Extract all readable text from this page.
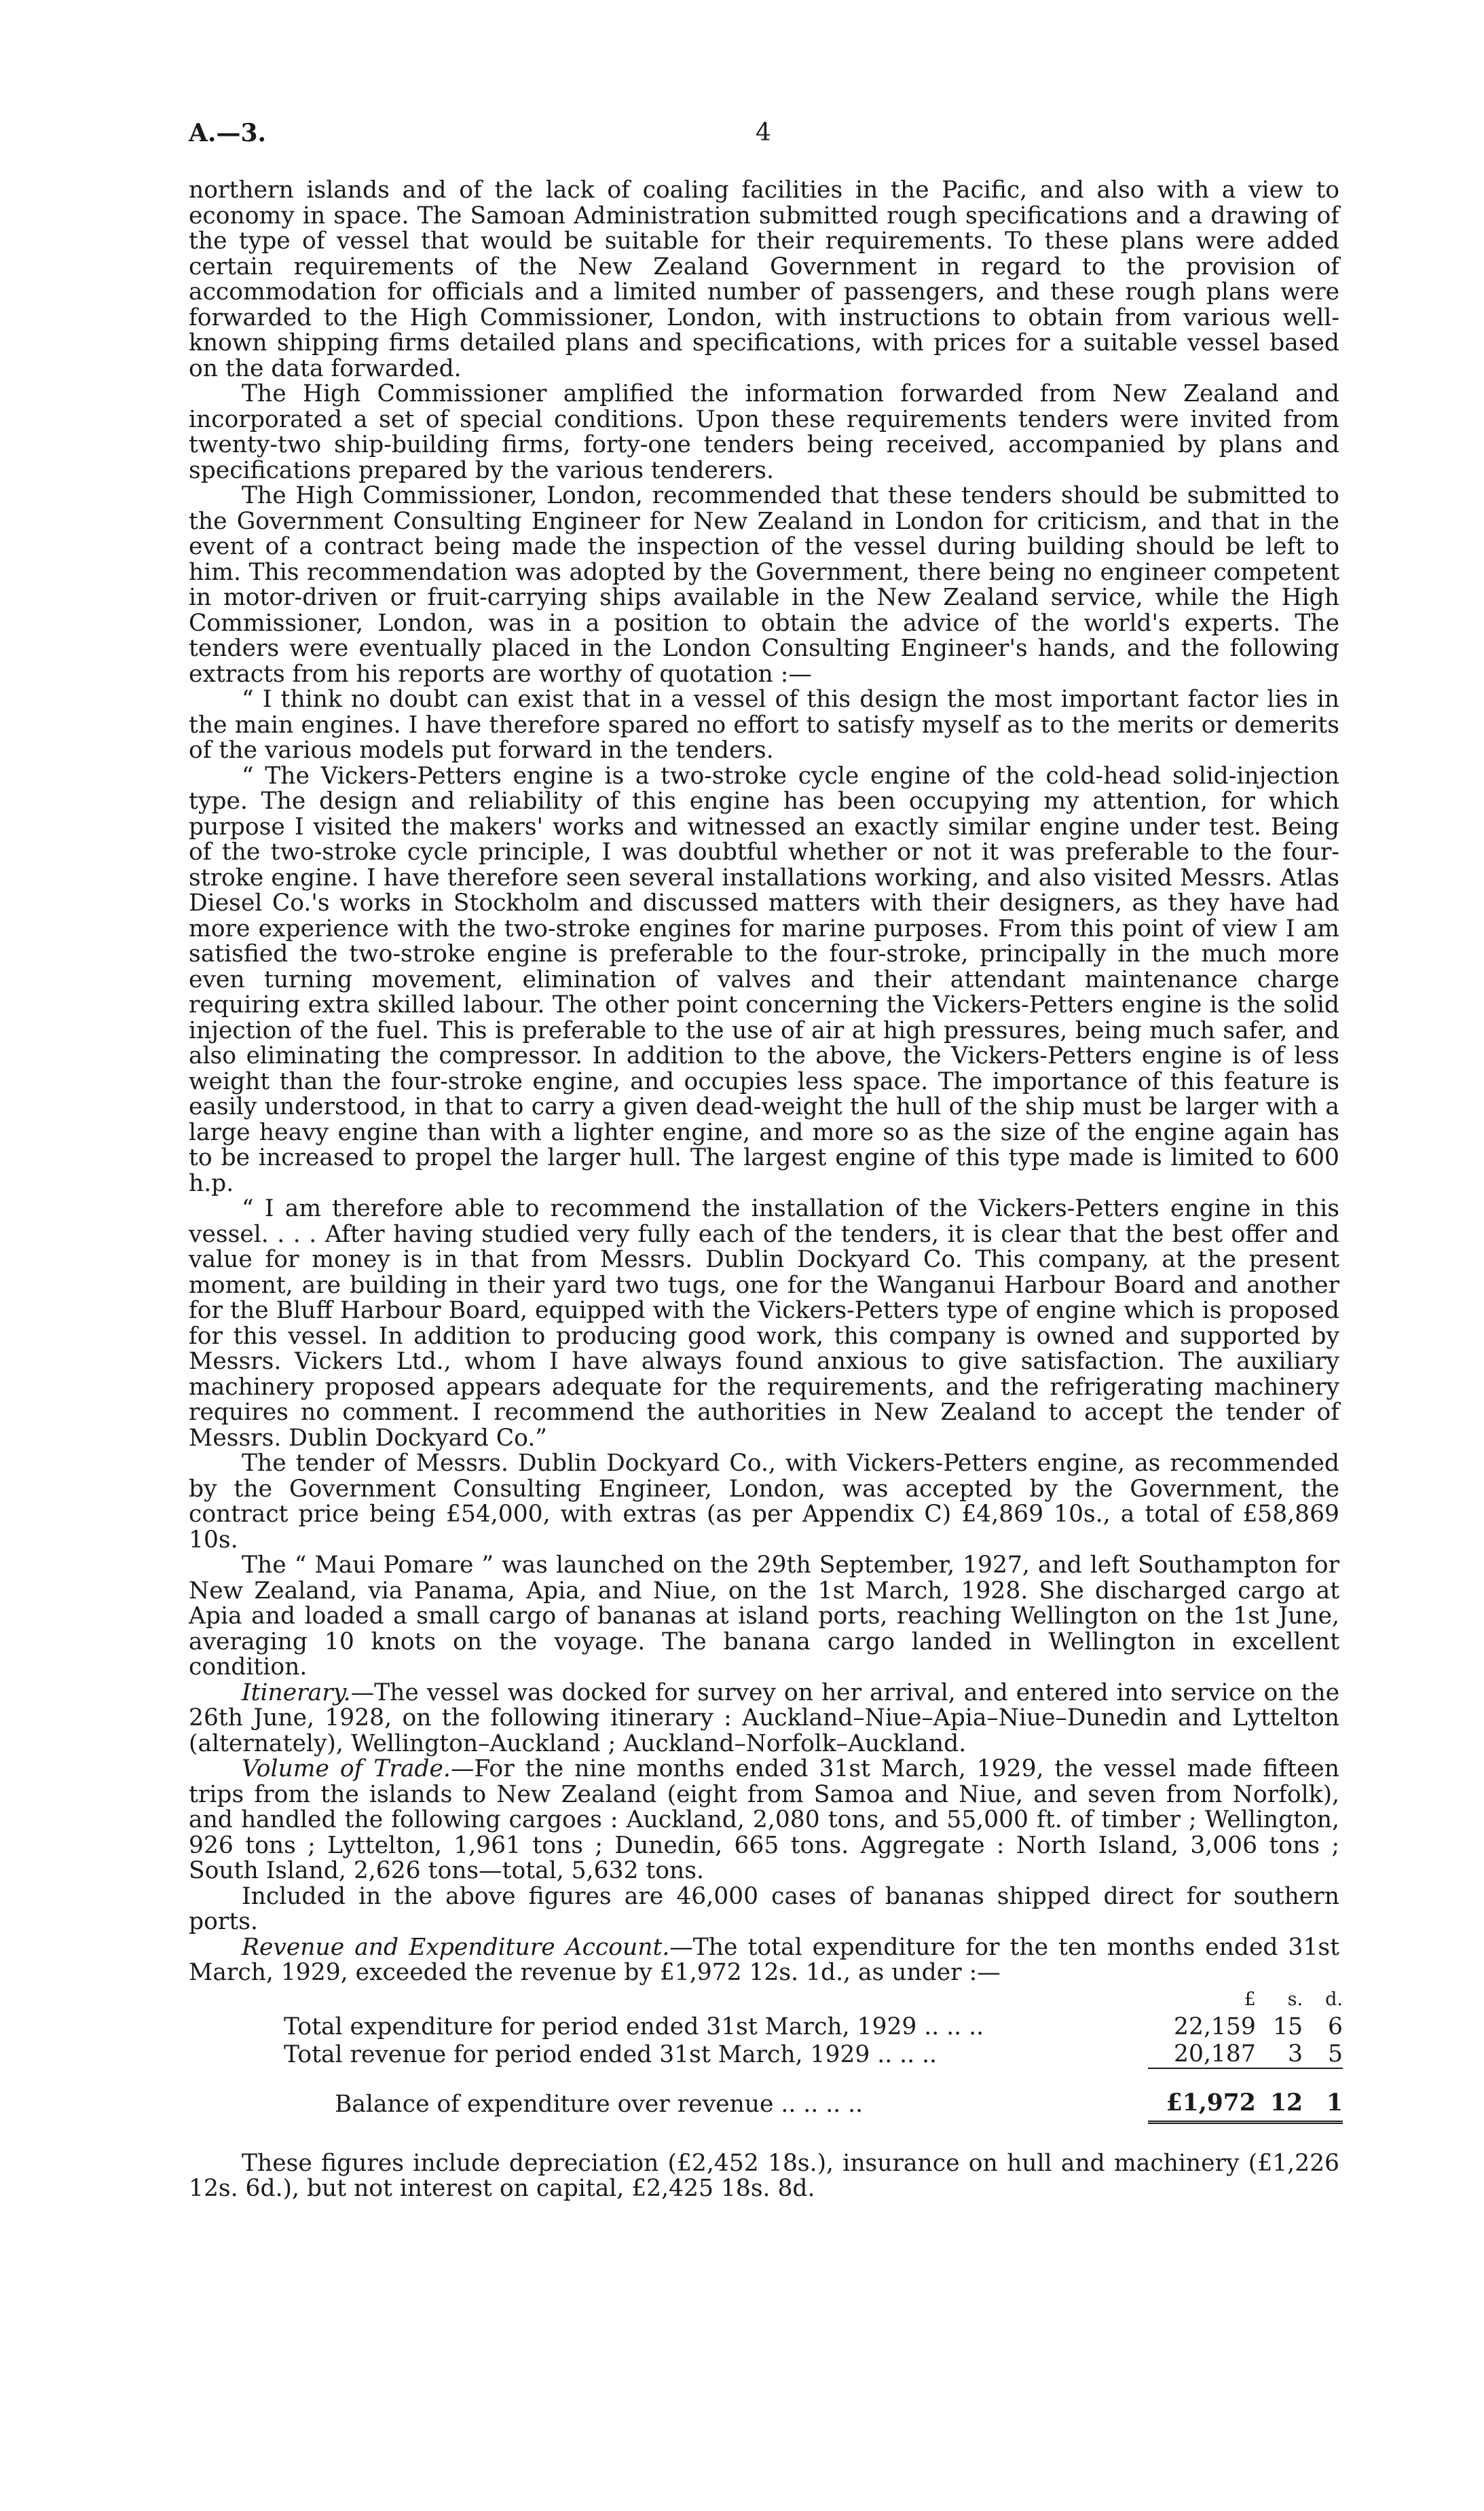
A.—3.	4

northern islands and of the lack of coaling facilities in the Pacific, and also with a view to economy in space. The Samoan Administration submitted rough specifications and a drawing of the type of vessel that would be suitable for their requirements. To these plans were added certain requirements of the New Zealand Government in regard to the provision of accommodation for officials and a limited number of passengers, and these rough plans were forwarded to the High Commissioner, London, with instructions to obtain from various well-known shipping firms detailed plans and specifications, with prices for a suitable vessel based on the data forwarded.

The High Commissioner amplified the information forwarded from New Zealand and incorporated a set of special conditions. Upon these requirements tenders were invited from twenty-two ship-building firms, forty-one tenders being received, accompanied by plans and specifications prepared by the various tenderers.

The High Commissioner, London, recommended that these tenders should be submitted to the Government Consulting Engineer for New Zealand in London for criticism, and that in the event of a contract being made the inspection of the vessel during building should be left to him. This recommendation was adopted by the Government, there being no engineer competent in motor-driven or fruit-carrying ships available in the New Zealand service, while the High Commissioner, London, was in a position to obtain the advice of the world's experts. The tenders were eventually placed in the London Consulting Engineer's hands, and the following extracts from his reports are worthy of quotation :—

“ I think no doubt can exist that in a vessel of this design the most important factor lies in the main engines. I have therefore spared no effort to satisfy myself as to the merits or demerits of the various models put forward in the tenders.

“ The Vickers-Petters engine is a two-stroke cycle engine of the cold-head solid-injection type. The design and reliability of this engine has been occupying my attention, for which purpose I visited the makers' works and witnessed an exactly similar engine under test. Being of the two-stroke cycle principle, I was doubtful whether or not it was preferable to the four-stroke engine. I have therefore seen several installations working, and also visited Messrs. Atlas Diesel Co.'s works in Stockholm and discussed matters with their designers, as they have had more experience with the two-stroke engines for marine purposes. From this point of view I am satisfied the two-stroke engine is preferable to the four-stroke, principally in the much more even turning movement, elimination of valves and their attendant maintenance charge requiring extra skilled labour. The other point concerning the Vickers-Petters engine is the solid injection of the fuel. This is preferable to the use of air at high pressures, being much safer, and also eliminating the compressor. In addition to the above, the Vickers-Petters engine is of less weight than the four-stroke engine, and occupies less space. The importance of this feature is easily understood, in that to carry a given dead-weight the hull of the ship must be larger with a large heavy engine than with a lighter engine, and more so as the size of the engine again has to be increased to propel the larger hull. The largest engine of this type made is limited to 600 h.p.

“ I am therefore able to recommend the installation of the Vickers-Petters engine in this vessel. . . . After having studied very fully each of the tenders, it is clear that the best offer and value for money is in that from Messrs. Dublin Dockyard Co. This company, at the present moment, are building in their yard two tugs, one for the Wanganui Harbour Board and another for the Bluff Harbour Board, equipped with the Vickers-Petters type of engine which is proposed for this vessel. In addition to producing good work, this company is owned and supported by Messrs. Vickers Ltd., whom I have always found anxious to give satisfaction. The auxiliary machinery proposed appears adequate for the requirements, and the refrigerating machinery requires no comment. I recommend the authorities in New Zealand to accept the tender of Messrs. Dublin Dockyard Co.”

The tender of Messrs. Dublin Dockyard Co., with Vickers-Petters engine, as recommended by the Government Consulting Engineer, London, was accepted by the Government, the contract price being £54,000, with extras (as per Appendix C) £4,869 10s., a total of £58,869 10s.

The “ Maui Pomare ” was launched on the 29th September, 1927, and left Southampton for New Zealand, via Panama, Apia, and Niue, on the 1st March, 1928. She discharged cargo at Apia and loaded a small cargo of bananas at island ports, reaching Wellington on the 1st June, averaging 10 knots on the voyage. The banana cargo landed in Wellington in excellent condition.

Itinerary.—The vessel was docked for survey on her arrival, and entered into service on the 26th June, 1928, on the following itinerary : Auckland–Niue–Apia–Niue–Dunedin and Lyttelton (alternately), Wellington–Auckland ; Auckland–Norfolk–Auckland.

Volume of Trade.—For the nine months ended 31st March, 1929, the vessel made fifteen trips from the islands to New Zealand (eight from Samoa and Niue, and seven from Norfolk), and handled the following cargoes : Auckland, 2,080 tons, and 55,000 ft. of timber ; Wellington, 926 tons ; Lyttelton, 1,961 tons ; Dunedin, 665 tons. Aggregate : North Island, 3,006 tons ; South Island, 2,626 tons—total, 5,632 tons.

Included in the above figures are 46,000 cases of bananas shipped direct for southern ports.

Revenue and Expenditure Account.—The total expenditure for the ten months ended 31st March, 1929, exceeded the revenue by £1,972 12s. 1d., as under :—

	£	s.	d.
Total expenditure for period ended 31st March, 1929 .. .. ..	22,159	15	6
Total revenue for period ended 31st March, 1929 .. .. ..	20,187	3	5

Balance of expenditure over revenue .. .. .. ..	£1,972	12	1

These figures include depreciation (£2,452 18s.), insurance on hull and machinery (£1,226 12s. 6d.), but not interest on capital, £2,425 18s. 8d.
